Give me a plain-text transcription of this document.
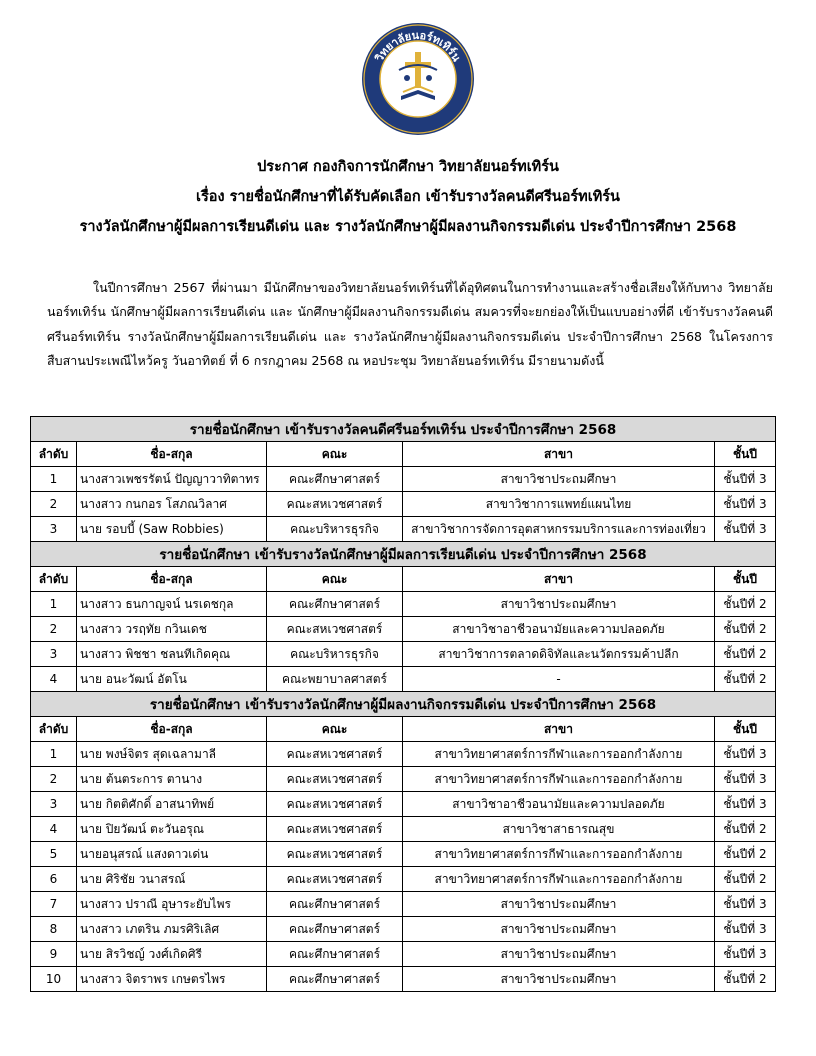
วิทยาลัยนอร์ทเทิร์น
NORTHERN COLLEGE
ประกาศ กองกิจการนักศึกษา วิทยาลัยนอร์ทเทิร์น
เรื่อง รายชื่อนักศึกษาที่ได้รับคัดเลือก เข้ารับรางวัลคนดีศรีนอร์ทเทิร์น
รางวัลนักศึกษาผู้มีผลการเรียนดีเด่น และ รางวัลนักศึกษาผู้มีผลงานกิจกรรมดีเด่น ประจำปีการศึกษา 2568
ในปีการศึกษา 2567 ที่ผ่านมา มีนักศึกษาของวิทยาลัยนอร์ทเทิร์นที่ได้อุทิศตนในการทำงานและสร้างชื่อเสียงให้กับทาง วิทยาลัยนอร์ทเทิร์น นักศึกษาผู้มีผลการเรียนดีเด่น และ นักศึกษาผู้มีผลงานกิจกรรมดีเด่น สมควรที่จะยกย่องให้เป็นแบบอย่างที่ดี เข้ารับรางวัลคนดีศรีนอร์ทเทิร์น รางวัลนักศึกษาผู้มีผลการเรียนดีเด่น และ รางวัลนักศึกษาผู้มีผลงานกิจกรรมดีเด่น ประจำปีการศึกษา 2568 ในโครงการสืบสานประเพณีไหว้ครู วันอาทิตย์ ที่ 6 กรกฎาคม 2568 ณ หอประชุม วิทยาลัยนอร์ทเทิร์น มีรายนามดังนี้
รายชื่อนักศึกษา เข้ารับรางวัลคนดีศรีนอร์ทเทิร์น ประจำปีการศึกษา 2568				
ลำดับ	ชื่อ-สกุล	คณะ	สาขา	ชั้นปี
1	นางสาวเพชรรัตน์ ปัญญาวาทิตาทร	คณะศึกษาศาสตร์	สาขาวิชาประถมศึกษา	ชั้นปีที่ 3
2	นางสาว กนกอร โสภณวิลาศ	คณะสหเวชศาสตร์	สาขาวิชาการแพทย์แผนไทย	ชั้นปีที่ 3
3	นาย รอบบี้ (Saw Robbies)	คณะบริหารธุรกิจ	สาขาวิชาการจัดการอุตสาหกรรมบริการและการท่องเที่ยว	ชั้นปีที่ 3
รายชื่อนักศึกษา เข้ารับรางวัลนักศึกษาผู้มีผลการเรียนดีเด่น ประจำปีการศึกษา 2568				
ลำดับ	ชื่อ-สกุล	คณะ	สาขา	ชั้นปี
1	นางสาว ธนกาญจน์ นรเดชกุล	คณะศึกษาศาสตร์	สาขาวิชาประถมศึกษา	ชั้นปีที่ 2
2	นางสาว วรฤทัย กวินเดช	คณะสหเวชศาสตร์	สาขาวิชาอาชีวอนามัยและความปลอดภัย	ชั้นปีที่ 2
3	นางสาว พิชชา ชลนทีเกิดคุณ	คณะบริหารธุรกิจ	สาขาวิชาการตลาดดิจิทัลและนวัตกรรมค้าปลีก	ชั้นปีที่ 2
4	นาย อนะวัฒน์ อัตโน	คณะพยาบาลศาสตร์	-	ชั้นปีที่ 2
รายชื่อนักศึกษา เข้ารับรางวัลนักศึกษาผู้มีผลงานกิจกรรมดีเด่น ประจำปีการศึกษา 2568				
ลำดับ	ชื่อ-สกุล	คณะ	สาขา	ชั้นปี
1	นาย พงษ์จิตร สุดเฉลามาลี	คณะสหเวชศาสตร์	สาขาวิทยาศาสตร์การกีฬาและการออกกำลังกาย	ชั้นปีที่ 3
2	นาย ต้นตระการ ตานาง	คณะสหเวชศาสตร์	สาขาวิทยาศาสตร์การกีฬาและการออกกำลังกาย	ชั้นปีที่ 3
3	นาย กิตติศักดิ์ อาสนาทิพย์	คณะสหเวชศาสตร์	สาขาวิชาอาชีวอนามัยและความปลอดภัย	ชั้นปีที่ 3
4	นาย ปิยวัฒน์ ตะวันอรุณ	คณะสหเวชศาสตร์	สาขาวิชาสาธารณสุข	ชั้นปีที่ 2
5	นายอนุสรณ์ แสงดาวเด่น	คณะสหเวชศาสตร์	สาขาวิทยาศาสตร์การกีฬาและการออกกำลังกาย	ชั้นปีที่ 2
6	นาย ศิริชัย วนาสรณ์	คณะสหเวชศาสตร์	สาขาวิทยาศาสตร์การกีฬาและการออกกำลังกาย	ชั้นปีที่ 2
7	นางสาว ปราณี อุษาระยับไพร	คณะศึกษาศาสตร์	สาขาวิชาประถมศึกษา	ชั้นปีที่ 3
8	นางสาว เภตริน ภมรศิริเลิศ	คณะศึกษาศาสตร์	สาขาวิชาประถมศึกษา	ชั้นปีที่ 3
9	นาย สิรวิชญ์ วงศ์เกิดศิรี	คณะศึกษาศาสตร์	สาขาวิชาประถมศึกษา	ชั้นปีที่ 3
10	นางสาว จิตราพร เกษตรไพร	คณะศึกษาศาสตร์	สาขาวิชาประถมศึกษา	ชั้นปีที่ 2
